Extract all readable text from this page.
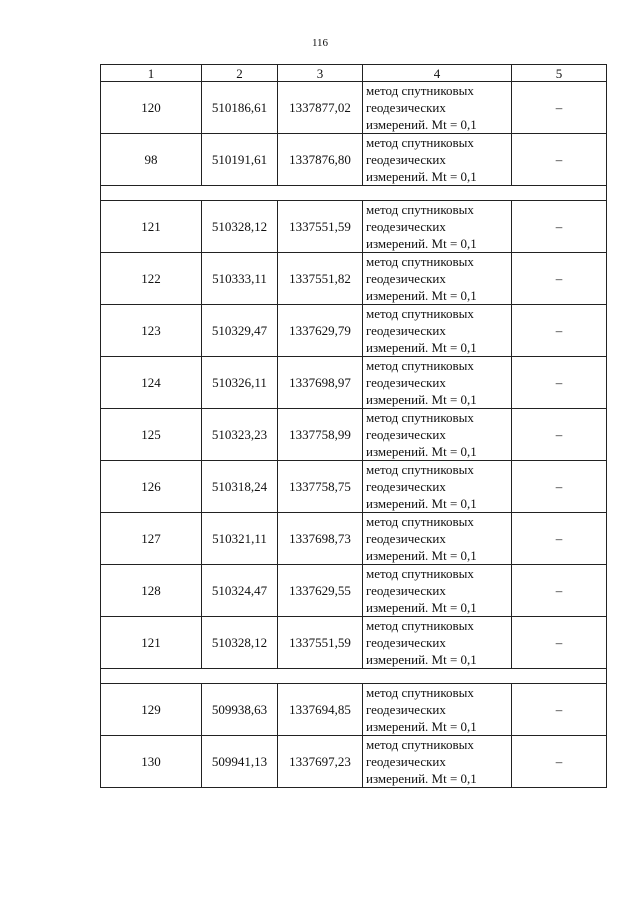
116
1	2	3	4	5
120	510186,61	1337877,02	метод спутниковых
геодезических
измерений. Mt = 0,1	–
98	510191,61	1337876,80	метод спутниковых
геодезических
измерений. Mt = 0,1	–

121	510328,12	1337551,59	метод спутниковых
геодезических
измерений. Mt = 0,1	–
122	510333,11	1337551,82	метод спутниковых
геодезических
измерений. Mt = 0,1	–
123	510329,47	1337629,79	метод спутниковых
геодезических
измерений. Mt = 0,1	–
124	510326,11	1337698,97	метод спутниковых
геодезических
измерений. Mt = 0,1	–
125	510323,23	1337758,99	метод спутниковых
геодезических
измерений. Mt = 0,1	–
126	510318,24	1337758,75	метод спутниковых
геодезических
измерений. Mt = 0,1	–
127	510321,11	1337698,73	метод спутниковых
геодезических
измерений. Mt = 0,1	–
128	510324,47	1337629,55	метод спутниковых
геодезических
измерений. Mt = 0,1	–
121	510328,12	1337551,59	метод спутниковых
геодезических
измерений. Mt = 0,1	–

129	509938,63	1337694,85	метод спутниковых
геодезических
измерений. Mt = 0,1	–
130	509941,13	1337697,23	метод спутниковых
геодезических
измерений. Mt = 0,1	–
